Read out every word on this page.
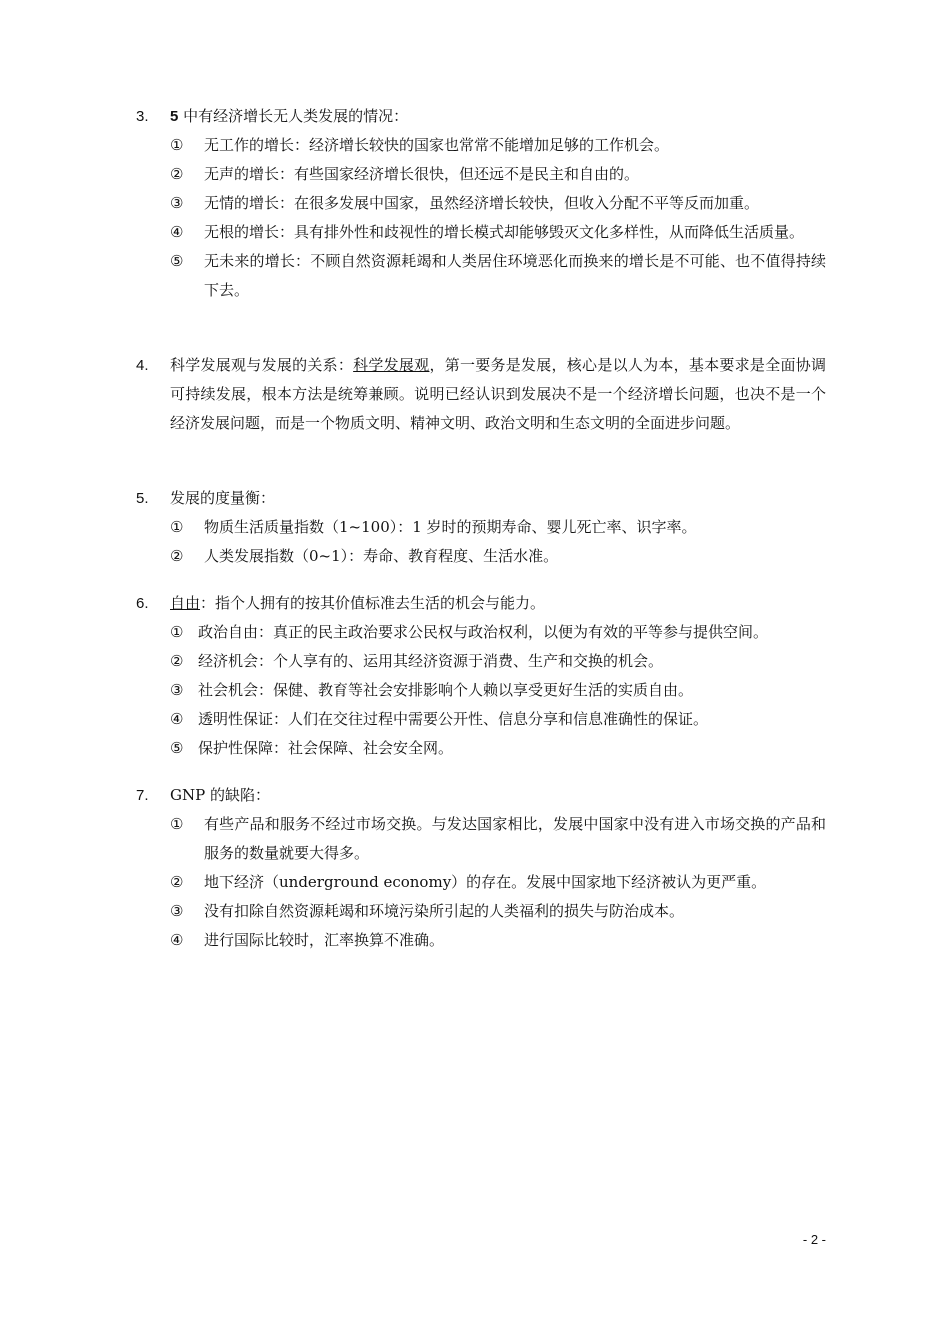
3. 5 中有经济增长无人类发展的情况：
① 无工作的增长：经济增长较快的国家也常常不能增加足够的工作机会。
② 无声的增长：有些国家经济增长很快，但还远不是民主和自由的。
③ 无情的增长：在很多发展中国家，虽然经济增长较快，但收入分配不平等反而加重。
④ 无根的增长：具有排外性和歧视性的增长模式却能够毁灭文化多样性，从而降低生活质量。
⑤ 无未来的增长：不顾自然资源耗竭和人类居住环境恶化而换来的增长是不可能、也不值得持续下去。
4. 科学发展观与发展的关系：科学发展观，第一要务是发展，核心是以人为本，基本要求是全面协调可持续发展，根本方法是统筹兼顾。说明已经认识到发展决不是一个经济增长问题，也决不是一个经济发展问题，而是一个物质文明、精神文明、政治文明和生态文明的全面进步问题。
5. 发展的度量衡：
① 物质生活质量指数（1~100）：1 岁时的预期寿命、婴儿死亡率、识字率。
② 人类发展指数（0~1）：寿命、教育程度、生活水准。
6. 自由：指个人拥有的按其价值标准去生活的机会与能力。
① 政治自由：真正的民主政治要求公民权与政治权利，以便为有效的平等参与提供空间。
② 经济机会：个人享有的、运用其经济资源于消费、生产和交换的机会。
③ 社会机会：保健、教育等社会安排影响个人赖以享受更好生活的实质自由。
④ 透明性保证：人们在交往过程中需要公开性、信息分享和信息准确性的保证。
⑤ 保护性保障：社会保障、社会安全网。
7. GNP 的缺陷：
① 有些产品和服务不经过市场交换。与发达国家相比，发展中国家中没有进入市场交换的产品和服务的数量就要大得多。
② 地下经济（underground economy）的存在。发展中国家地下经济被认为更严重。
③ 没有扣除自然资源耗竭和环境污染所引起的人类福利的损失与防治成本。
④ 进行国际比较时，汇率换算不准确。
- 2 -
